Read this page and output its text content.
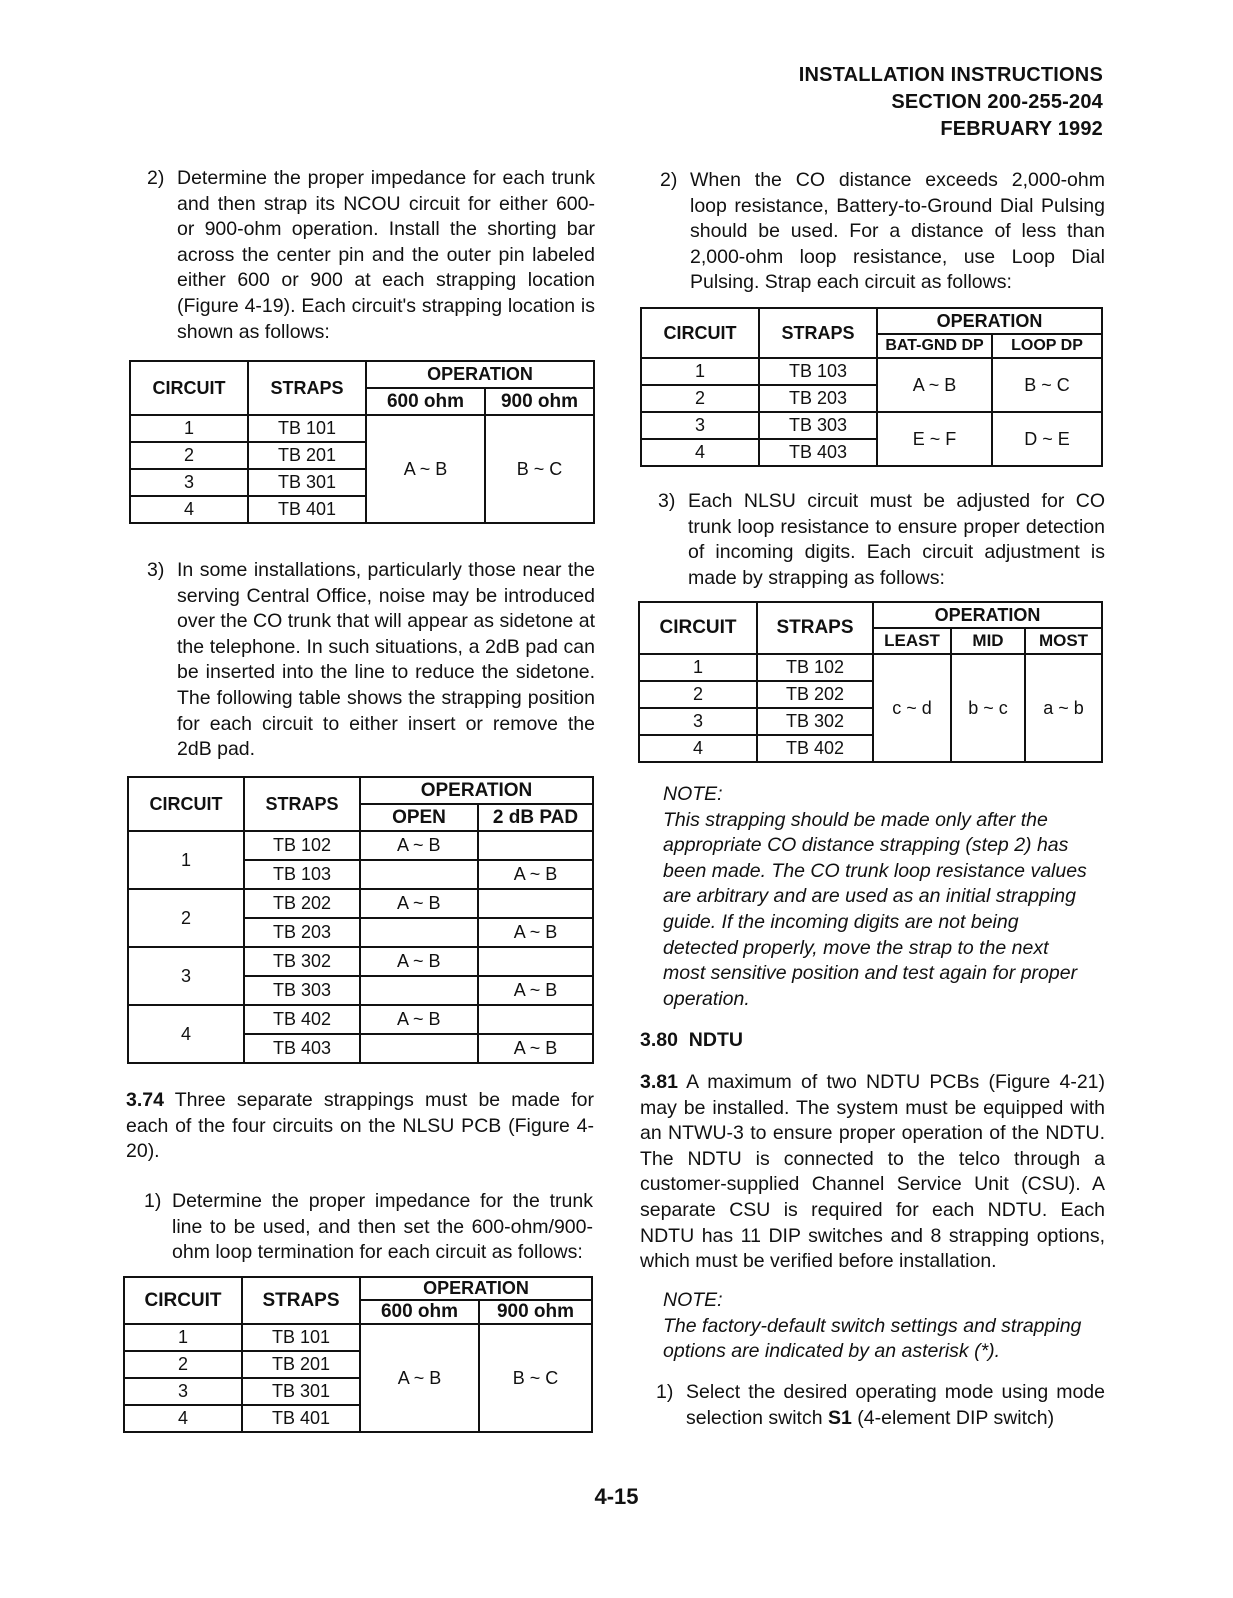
INSTALLATION INSTRUCTIONS
SECTION 200-255-204
FEBRUARY 1992
2) Determine the proper impedance for each trunk and then strap its NCOU circuit for either 600- or 900-ohm operation. Install the shorting bar across the center pin and the outer pin labeled either 600 or 900 at each strapping location (Figure 4-19). Each circuit's strapping location is shown as follows:
CIRCUIT	STRAPS	OPERATION	
		600 ohm	900 ohm
1	TB 101	A ~ B	B ~ C
2	TB 201		
3	TB 301		
4	TB 401		
3) In some installations, particularly those near the serving Central Office, noise may be introduced over the CO trunk that will appear as sidetone at the telephone. In such situations, a 2dB pad can be inserted into the line to reduce the sidetone. The following table shows the strapping position for each circuit to either insert or remove the 2dB pad.
CIRCUIT	STRAPS	OPERATION	
		OPEN	2 dB PAD
1	TB 102	A ~ B	
	TB 103		A ~ B
2	TB 202	A ~ B	
	TB 203		A ~ B
3	TB 302	A ~ B	
	TB 303		A ~ B
4	TB 402	A ~ B	
	TB 403		A ~ B
3.74 Three separate strappings must be made for each of the four circuits on the NLSU PCB (Figure 4-20).
1) Determine the proper impedance for the trunk line to be used, and then set the 600-ohm/900-ohm loop termination for each circuit as follows:
CIRCUIT	STRAPS	OPERATION	
		600 ohm	900 ohm
1	TB 101	A ~ B	B ~ C
2	TB 201		
3	TB 301		
4	TB 401		
2) When the CO distance exceeds 2,000-ohm loop resistance, Battery-to-Ground Dial Pulsing should be used. For a distance of less than 2,000-ohm loop resistance, use Loop Dial Pulsing. Strap each circuit as follows:
CIRCUIT	STRAPS	OPERATION	
		BAT-GND DP	LOOP DP
1	TB 103	A ~ B	B ~ C
2	TB 203		
3	TB 303	E ~ F	D ~ E
4	TB 403		
3) Each NLSU circuit must be adjusted for CO trunk loop resistance to ensure proper detection of incoming digits. Each circuit adjustment is made by strapping as follows:
CIRCUIT	STRAPS	OPERATION		
		LEAST	MID	MOST
1	TB 102	c ~ d	b ~ c	a ~ b
2	TB 202			
3	TB 302			
4	TB 402			
NOTE:
This strapping should be made only after the appropriate CO distance strapping (step 2) has been made. The CO trunk loop resistance values are arbitrary and are used as an initial strapping guide. If the incoming digits are not being detected properly, move the strap to the next most sensitive position and test again for proper operation.
3.80 NDTU
3.81 A maximum of two NDTU PCBs (Figure 4-21) may be installed. The system must be equipped with an NTWU-3 to ensure proper operation of the NDTU. The NDTU is connected to the telco through a customer-supplied Channel Service Unit (CSU). A separate CSU is required for each NDTU. Each NDTU has 11 DIP switches and 8 strapping options, which must be verified before installation.
NOTE:
The factory-default switch settings and strapping options are indicated by an asterisk (*).
1) Select the desired operating mode using mode selection switch S1 (4-element DIP switch)
4-15
